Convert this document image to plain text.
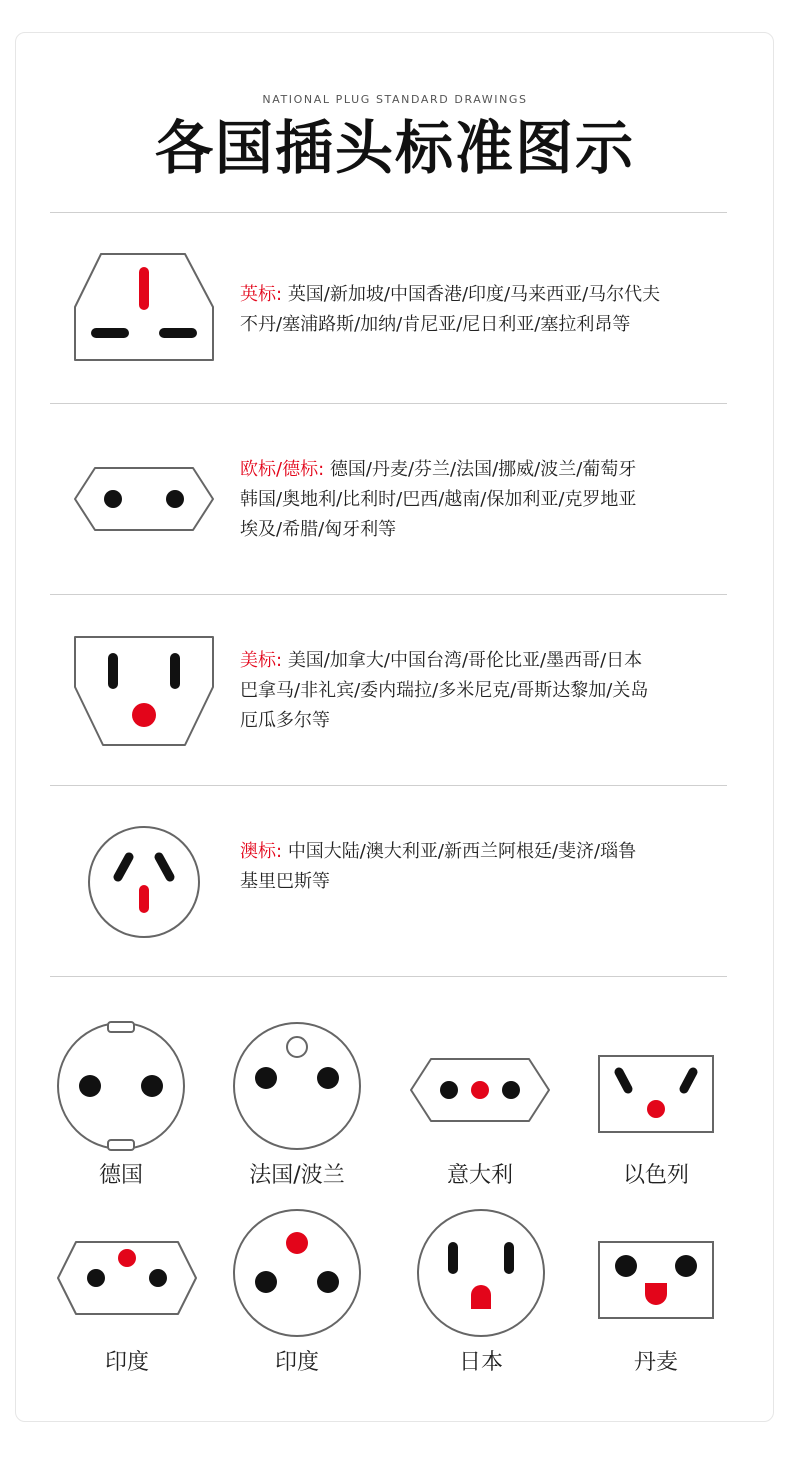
NATIONAL PLUG STANDARD DRAWINGS
各国插头标准图示
英标: 英国/新加坡/中国香港/印度/马来西亚/马尔代夫
不丹/塞浦路斯/加纳/肯尼亚/尼日利亚/塞拉利昂等
欧标/德标: 德国/丹麦/芬兰/法国/挪威/波兰/葡萄牙
韩国/奥地利/比利时/巴西/越南/保加利亚/克罗地亚
埃及/希腊/匈牙利等
美标: 美国/加拿大/中国台湾/哥伦比亚/墨西哥/日本
巴拿马/非礼宾/委内瑞拉/多米尼克/哥斯达黎加/关岛
厄瓜多尔等
澳标: 中国大陆/澳大利亚/新西兰阿根廷/斐济/瑙鲁
基里巴斯等
德国	法国/波兰	意大利	以色列
印度	印度	日本	丹麦
